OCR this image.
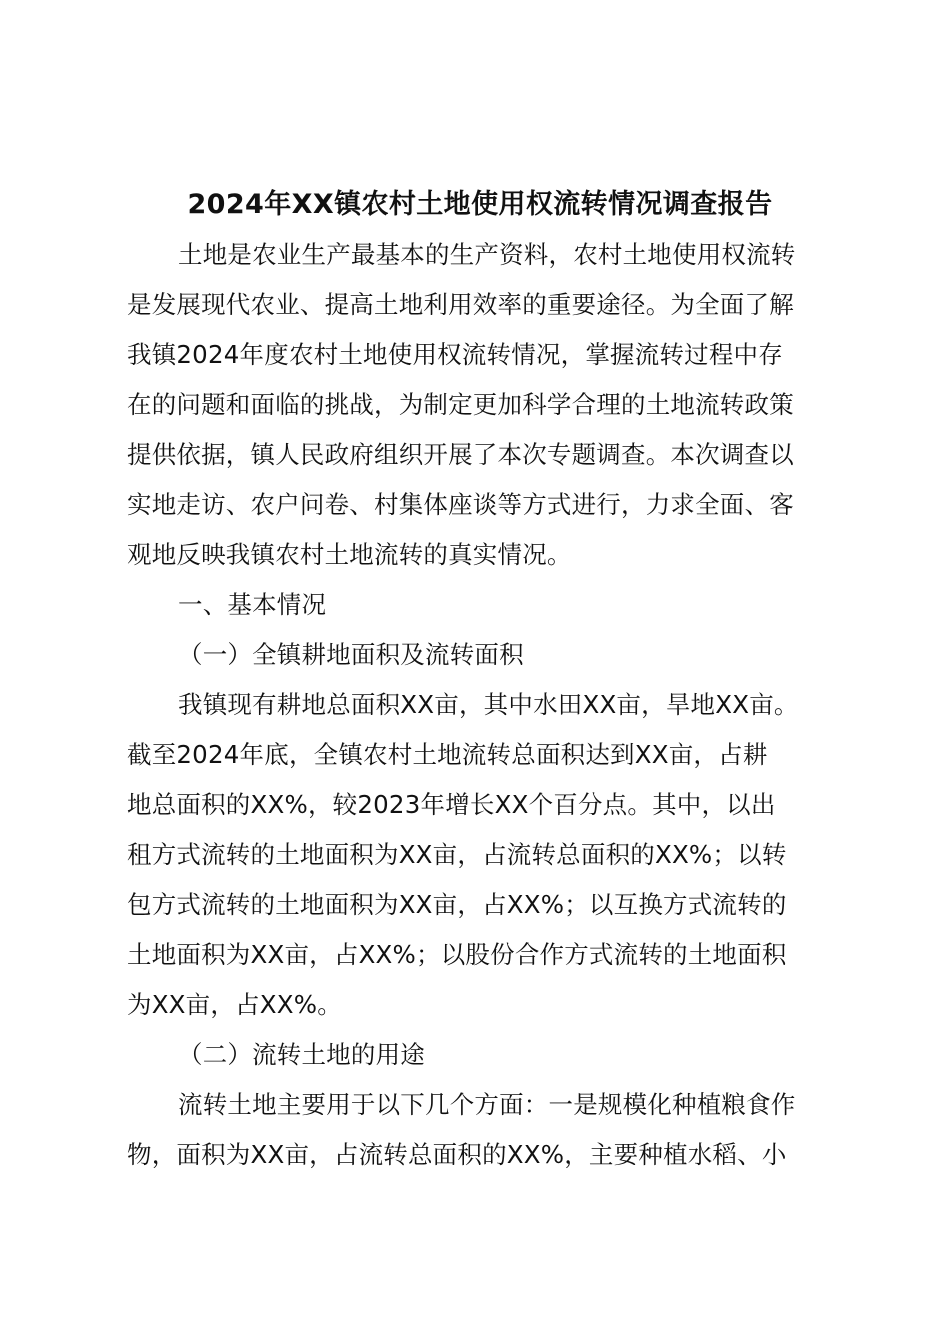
2024年XX镇农村土地使用权流转情况调查报告

土地是农业生产最基本的生产资料，农村土地使用权流转

是发展现代农业、提高土地利用效率的重要途径。为全面了解

我镇2024年度农村土地使用权流转情况，掌握流转过程中存

在的问题和面临的挑战，为制定更加科学合理的土地流转政策

提供依据，镇人民政府组织开展了本次专题调查。本次调查以

实地走访、农户问卷、村集体座谈等方式进行，力求全面、客

观地反映我镇农村土地流转的真实情况。

一、基本情况

（一）全镇耕地面积及流转面积

我镇现有耕地总面积XX亩，其中水田XX亩，旱地XX亩。

截至2024年底，全镇农村土地流转总面积达到XX亩，占耕

地总面积的XX%，较2023年增长XX个百分点。其中，以出

租方式流转的土地面积为XX亩，占流转总面积的XX%；以转

包方式流转的土地面积为XX亩，占XX%；以互换方式流转的

土地面积为XX亩，占XX%；以股份合作方式流转的土地面积

为XX亩，占XX%。

（二）流转土地的用途

流转土地主要用于以下几个方面：一是规模化种植粮食作

物，面积为XX亩，占流转总面积的XX%，主要种植水稻、小
